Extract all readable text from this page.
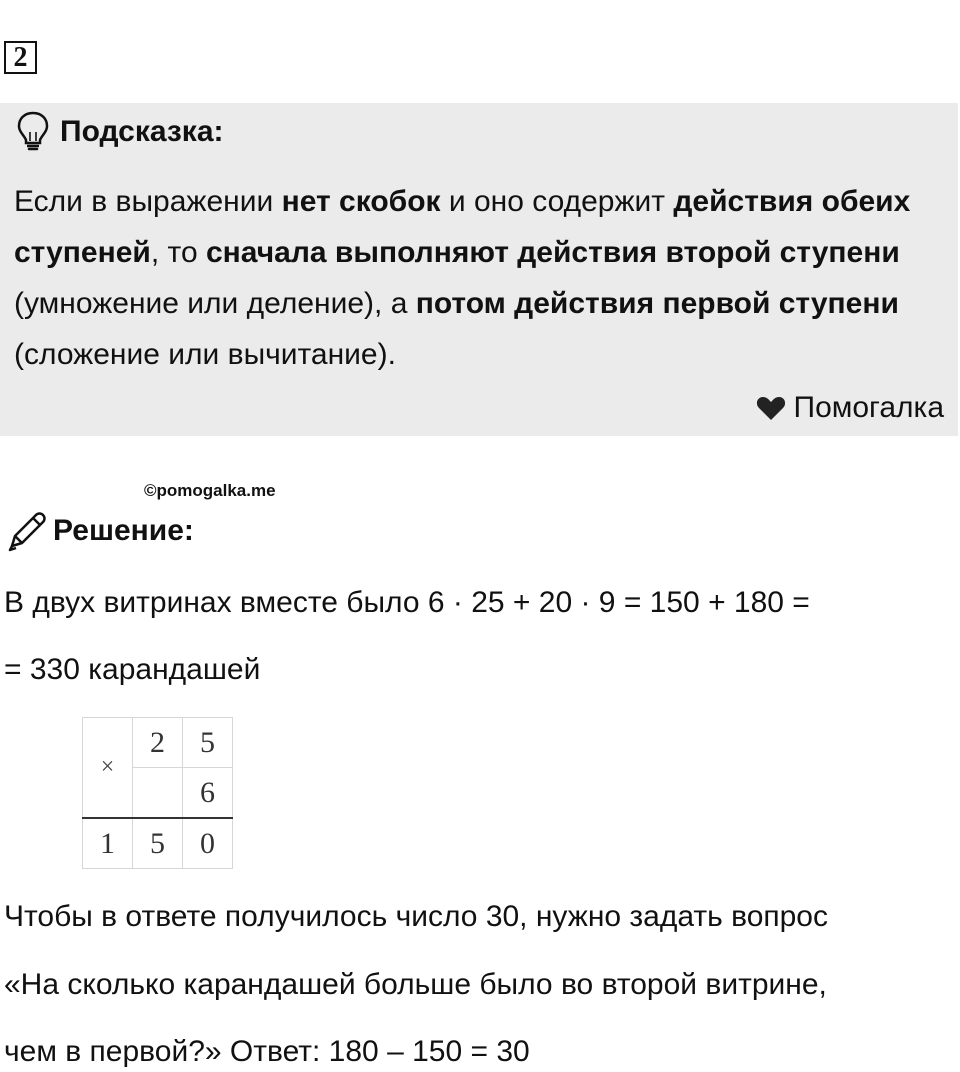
2
Подсказка:
Если в выражении нет скобок и оно содержит действия обеих ступеней, то сначала выполняют действия второй ступени (умножение или деление), а потом действия первой ступени (сложение или вычитание).
Помогалка
©pomogalka.me
Решение:
В двух витринах вместе было 6 · 25 + 20 · 9 = 150 + 180 =
= 330 карандашей
×	2	5
		6
1	5	0
Чтобы в ответе получилось число 30, нужно задать вопрос
«На сколько карандашей больше было во второй витрине,
чем в первой?» Ответ: 180 – 150 = 30
